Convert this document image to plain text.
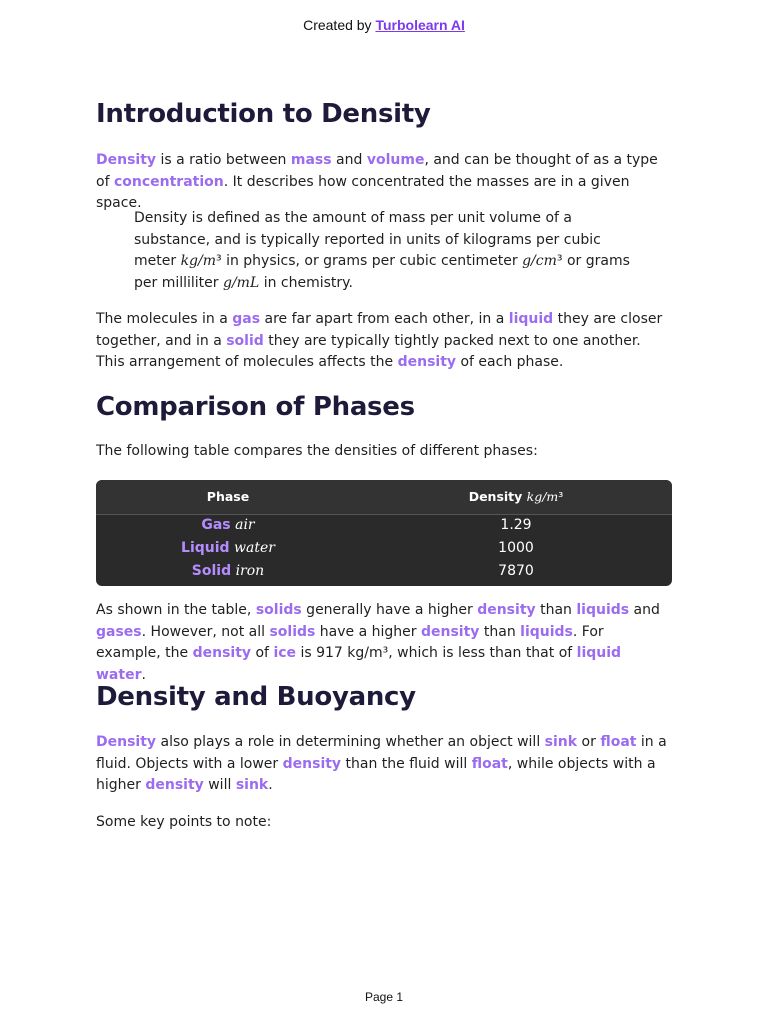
Created by Turbolearn AI
Introduction to Density

Density is a ratio between mass and volume, and can be thought of as a type of concentration. It describes how concentrated the masses are in a given space.

Density is defined as the amount of mass per unit volume of a substance, and is typically reported in units of kilograms per cubic meter kg/m³ in physics, or grams per cubic centimeter g/cm³ or grams per milliliter g/mL in chemistry.

The molecules in a gas are far apart from each other, in a liquid they are closer together, and in a solid they are typically tightly packed next to one another. This arrangement of molecules affects the density of each phase.

Comparison of Phases

The following table compares the densities of different phases:

Phase	Density kg/m³
Gas air	1.29
Liquid water	1000
Solid iron	7870

As shown in the table, solids generally have a higher density than liquids and gases. However, not all solids have a higher density than liquids. For example, the density of ice is 917 kg/m³, which is less than that of liquid water.

Density and Buoyancy

Density also plays a role in determining whether an object will sink or float in a fluid. Objects with a lower density than the fluid will float, while objects with a higher density will sink.

Some key points to note:

Page 1
